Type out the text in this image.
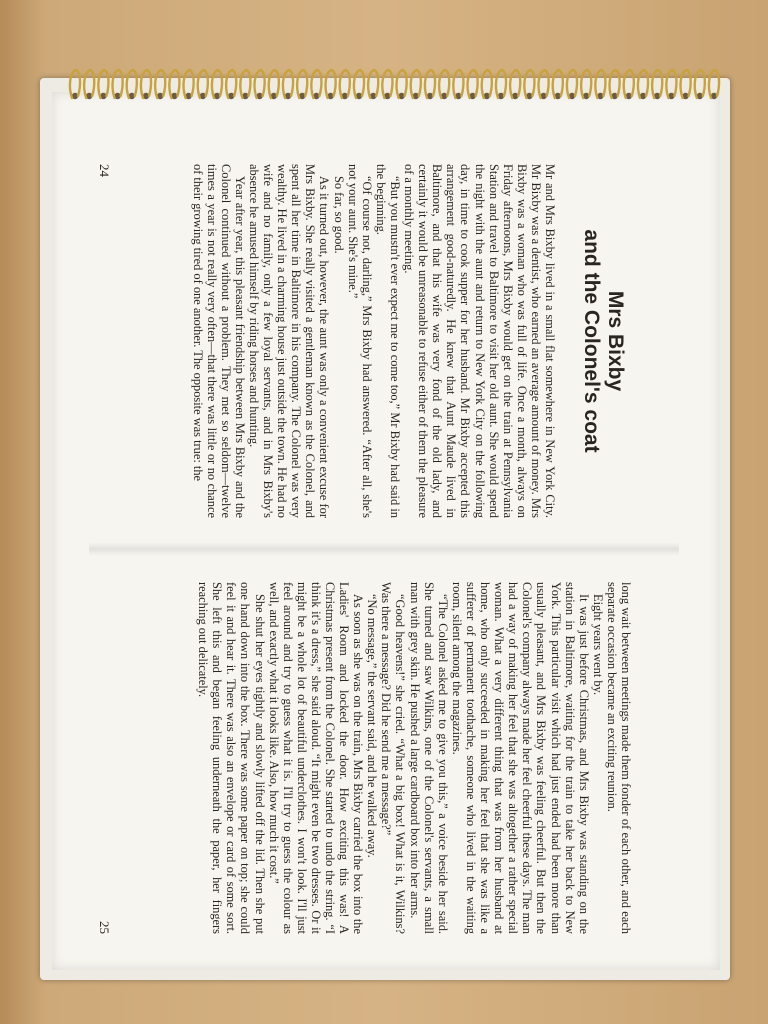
Mrs Bixby
and the Colonel's coat

Mr and Mrs Bixby lived in a small flat somewhere in New York City. Mr Bixby was a dentist, who earned an average amount of money. Mrs Bixby was a woman who was full of life. Once a month, always on Friday afternoons, Mrs Bixby would get on the train at Pennsylvania Station and travel to Baltimore to visit her old aunt. She would spend the night with the aunt and return to New York City on the following day, in time to cook supper for her husband. Mr Bixby accepted this arrangement good-naturedly. He knew that Aunt Maude lived in Baltimore, and that his wife was very fond of the old lady, and certainly it would be unreasonable to refuse either of them the pleasure of a monthly meeting.

“But you mustn't ever expect me to come too,” Mr Bixby had said in the beginning.

“Of course not, darling,” Mrs Bixby had answered. “After all, she's not your aunt. She's mine.”

So far, so good.

As it turned out, however, the aunt was only a convenient excuse for Mrs Bixby. She really visited a gentleman known as the Colonel, and spent all her time in Baltimore in his company. The Colonel was very wealthy. He lived in a charming house just outside the town. He had no wife and no family, only a few loyal servants, and in Mrs Bixby's absence he amused himself by riding horses and hunting.

Year after year, this pleasant friendship between Mrs Bixby and the Colonel continued without a problem. They met so seldom—twelve times a year is not really very often—that there was little or no chance of their growing tired of one another. The opposite was true: the

24

long wait between meetings made them fonder of each other, and each separate occasion became an exciting reunion.

Eight years went by.

It was just before Christmas, and Mrs Bixby was standing on the station in Baltimore, waiting for the train to take her back to New York. This particular visit which had just ended had been more than usually pleasant, and Mrs Bixby was feeling cheerful. But then the Colonel's company always made her feel cheerful these days. The man had a way of making her feel that she was altogether a rather special woman. What a very different thing that was from her husband at home, who only succeeded in making her feel that she was like a sufferer of permanent toothache, someone who lived in the waiting room, silent among the magazines.

“The Colonel asked me to give you this,” a voice beside her said. She turned and saw Wilkins, one of the Colonel's servants, a small man with grey skin. He pushed a large cardboard box into her arms.

“Good heavens!” she cried. “What a big box! What is it, Wilkins? Was there a message? Did he send me a message?”

“No message,” the servant said, and he walked away.

As soon as she was on the train, Mrs Bixby carried the box into the Ladies' Room and locked the door. How exciting this was! A Christmas present from the Colonel. She started to undo the string. “I think it's a dress,” she said aloud. “It might even be two dresses. Or it might be a whole lot of beautiful underclothes. I won't look. I'll just feel around and try to guess what it is. I'll try to guess the colour as well, and exactly what it looks like. Also, how much it cost.”

She shut her eyes tightly and slowly lifted off the lid. Then she put one hand down into the box. There was some paper on top; she could feel it and hear it. There was also an envelope or card of some sort. She left this and began feeling underneath the paper, her fingers reaching out delicately.

25
